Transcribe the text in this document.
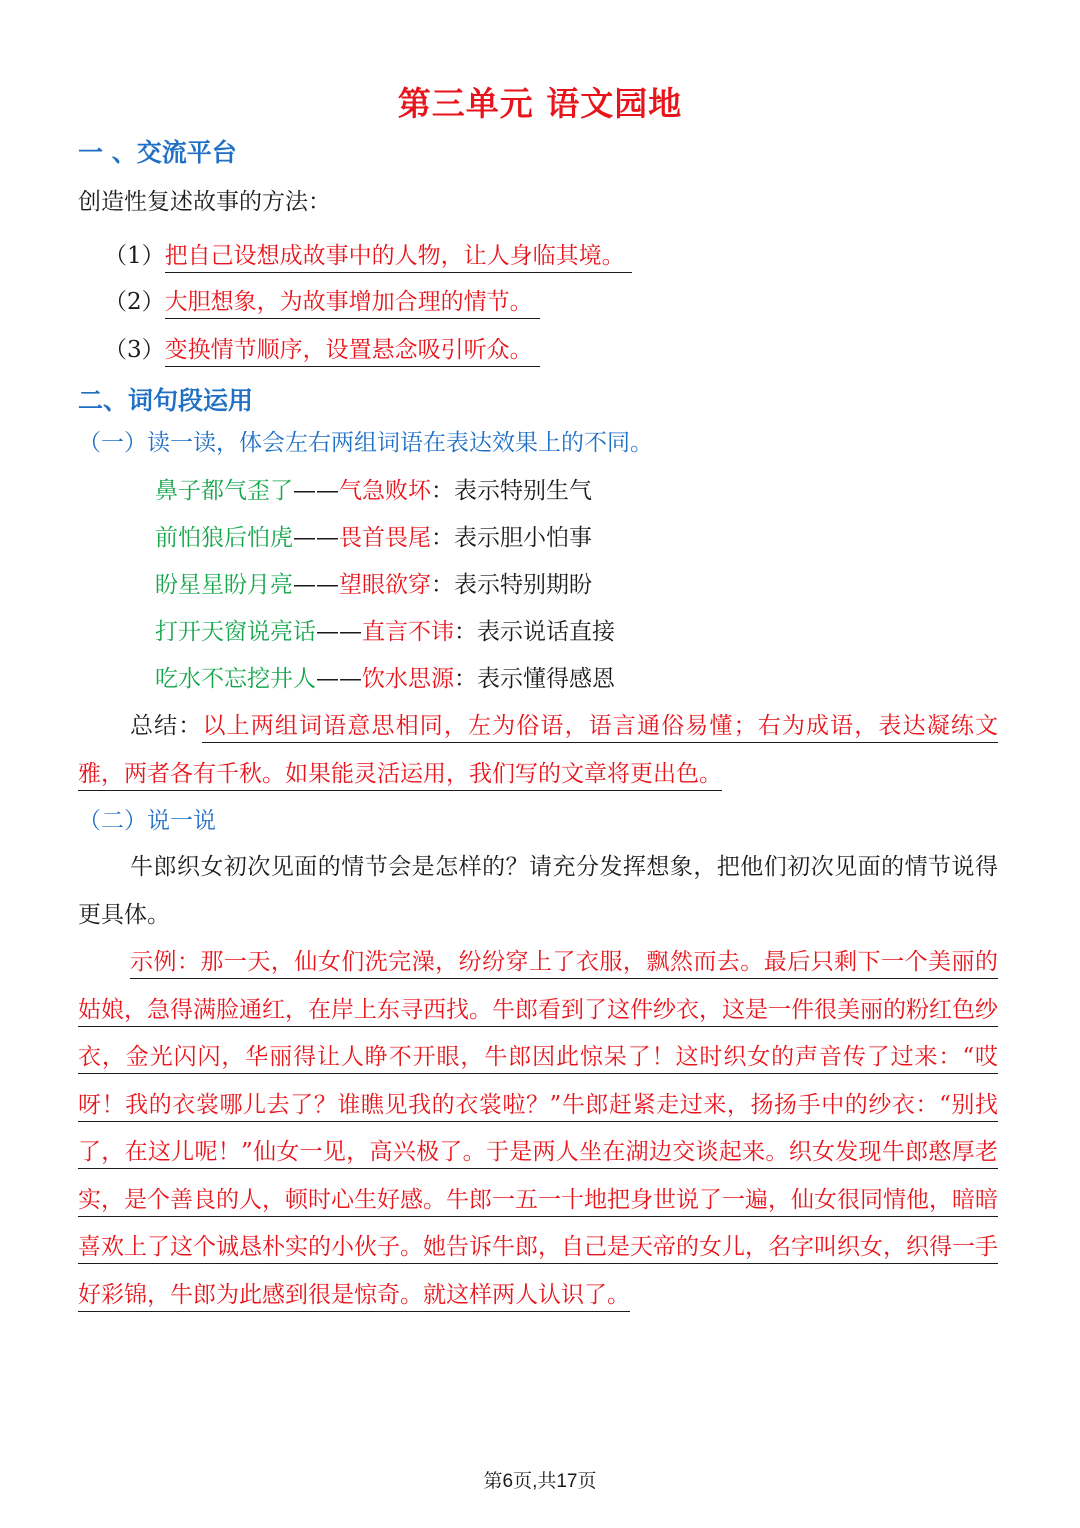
第三单元 语文园地
一 、交流平台
创造性复述故事的方法：
（1）把自己设想成故事中的人物，让人身临其境。
（2）大胆想象，为故事增加合理的情节。
（3）变换情节顺序，设置悬念吸引听众。
二、词句段运用
（一）读一读，体会左右两组词语在表达效果上的不同。
鼻子都气歪了——气急败坏：表示特别生气
前怕狼后怕虎——畏首畏尾：表示胆小怕事
盼星星盼月亮——望眼欲穿：表示特别期盼
打开天窗说亮话——直言不讳：表示说话直接
吃水不忘挖井人——饮水思源：表示懂得感恩
总结：以上两组词语意思相同，左为俗语，语言通俗易懂；右为成语，表达凝练文雅，两者各有千秋。如果能灵活运用，我们写的文章将更出色。
（二）说一说
牛郎织女初次见面的情节会是怎样的？请充分发挥想象，把他们初次见面的情节说得更具体。
示例：那一天，仙女们洗完澡，纷纷穿上了衣服，飘然而去。最后只剩下一个美丽的姑娘，急得满脸通红，在岸上东寻西找。牛郎看到了这件纱衣，这是一件很美丽的粉红色纱衣，金光闪闪，华丽得让人睁不开眼，牛郎因此惊呆了！这时织女的声音传了过来：“哎呀！我的衣裳哪儿去了？谁瞧见我的衣裳啦？”牛郎赶紧走过来，扬扬手中的纱衣：“别找了，在这儿呢！”仙女一见，高兴极了。于是两人坐在湖边交谈起来。织女发现牛郎憨厚老实，是个善良的人，顿时心生好感。牛郎一五一十地把身世说了一遍，仙女很同情他，暗暗喜欢上了这个诚恳朴实的小伙子。她告诉牛郎，自己是天帝的女儿，名字叫织女，织得一手好彩锦，牛郎为此感到很是惊奇。就这样两人认识了。
第6页,共17页
